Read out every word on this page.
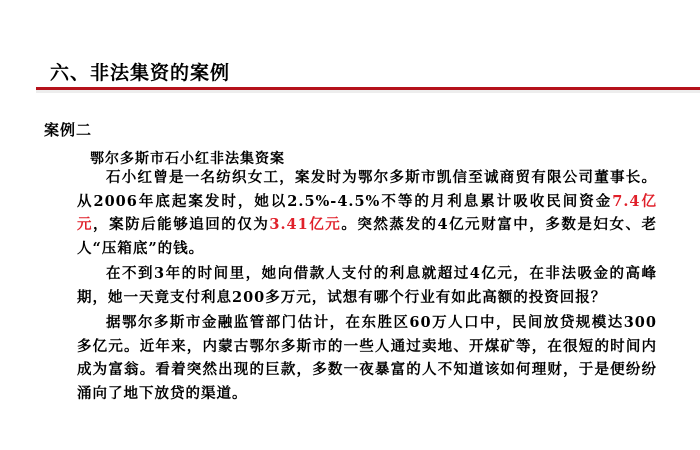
六、非法集资的案例
案例二
鄂尔多斯市石小红非法集资案

石小红曾是一名纺织女工，案发时为鄂尔多斯市凯信至诚商贸有限公司董事长。从2006年底起案发时，她以2.5%-4.5%不等的月利息累计吸收民间资金7.4亿元，案防后能够追回的仅为3.41亿元。突然蒸发的4亿元财富中，多数是妇女、老人“压箱底”的钱。

在不到3年的时间里，她向借款人支付的利息就超过4亿元，在非法吸金的高峰期，她一天竟支付利息200多万元，试想有哪个行业有如此高额的投资回报？

据鄂尔多斯市金融监管部门估计，在东胜区60万人口中，民间放贷规模达300多亿元。近年来，内蒙古鄂尔多斯市的一些人通过卖地、开煤矿等，在很短的时间内成为富翁。看着突然出现的巨款，多数一夜暴富的人不知道该如何理财，于是便纷纷涌向了地下放贷的渠道。
